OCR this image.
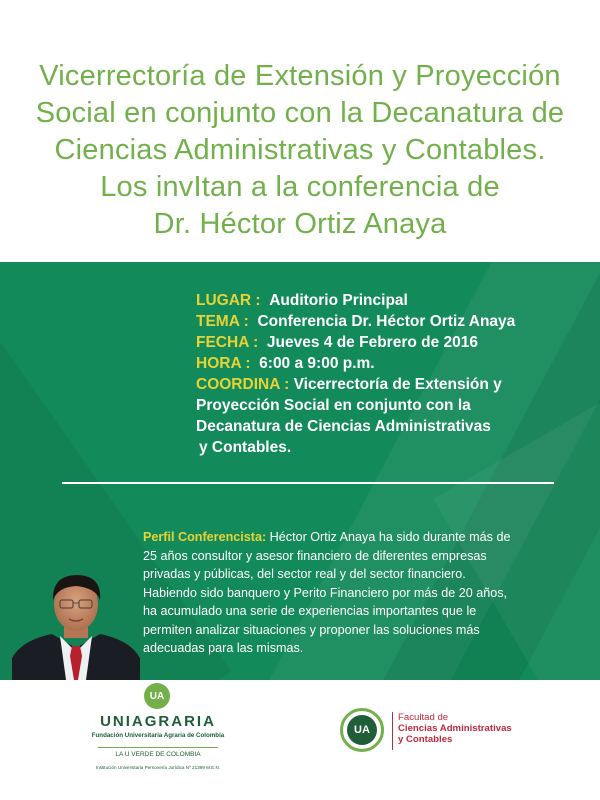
Vicerrectoría de Extensión y Proyección
Social en conjunto con la Decanatura de
Ciencias Administrativas y Contables.
Los invItan a la conferencia de
Dr. Héctor Ortiz Anaya
LUGAR : Auditorio Principal
TEMA : Conferencia Dr. Héctor Ortiz Anaya
FECHA : Jueves 4 de Febrero de 2016
HORA : 6:00 a 9:00 p.m.
COORDINA : Vicerrectoría de Extensión y
Proyección Social en conjunto con la
Decanatura de Ciencias Administrativas
y Contables.
Perfil Conferencista: Héctor Ortiz Anaya ha sido durante más de
25 años consultor y asesor financiero de diferentes empresas
privadas y públicas, del sector real y del sector financiero.
Habiendo sido banquero y Perito Financiero por más de 20 años,
ha acumulado una serie de experiencias importantes que le
permiten analizar situaciones y proponer las soluciones más
adecuadas para las mismas.
UA
UNIAGRARIA
Fundación Universitaria Agraria de Colombia
LA U VERDE DE COLOMBIA
Institución Universitaria Personería Jurídica Nº 21399 M.E.N.
UA
Facultad de
Ciencias Administrativas
y Contables
